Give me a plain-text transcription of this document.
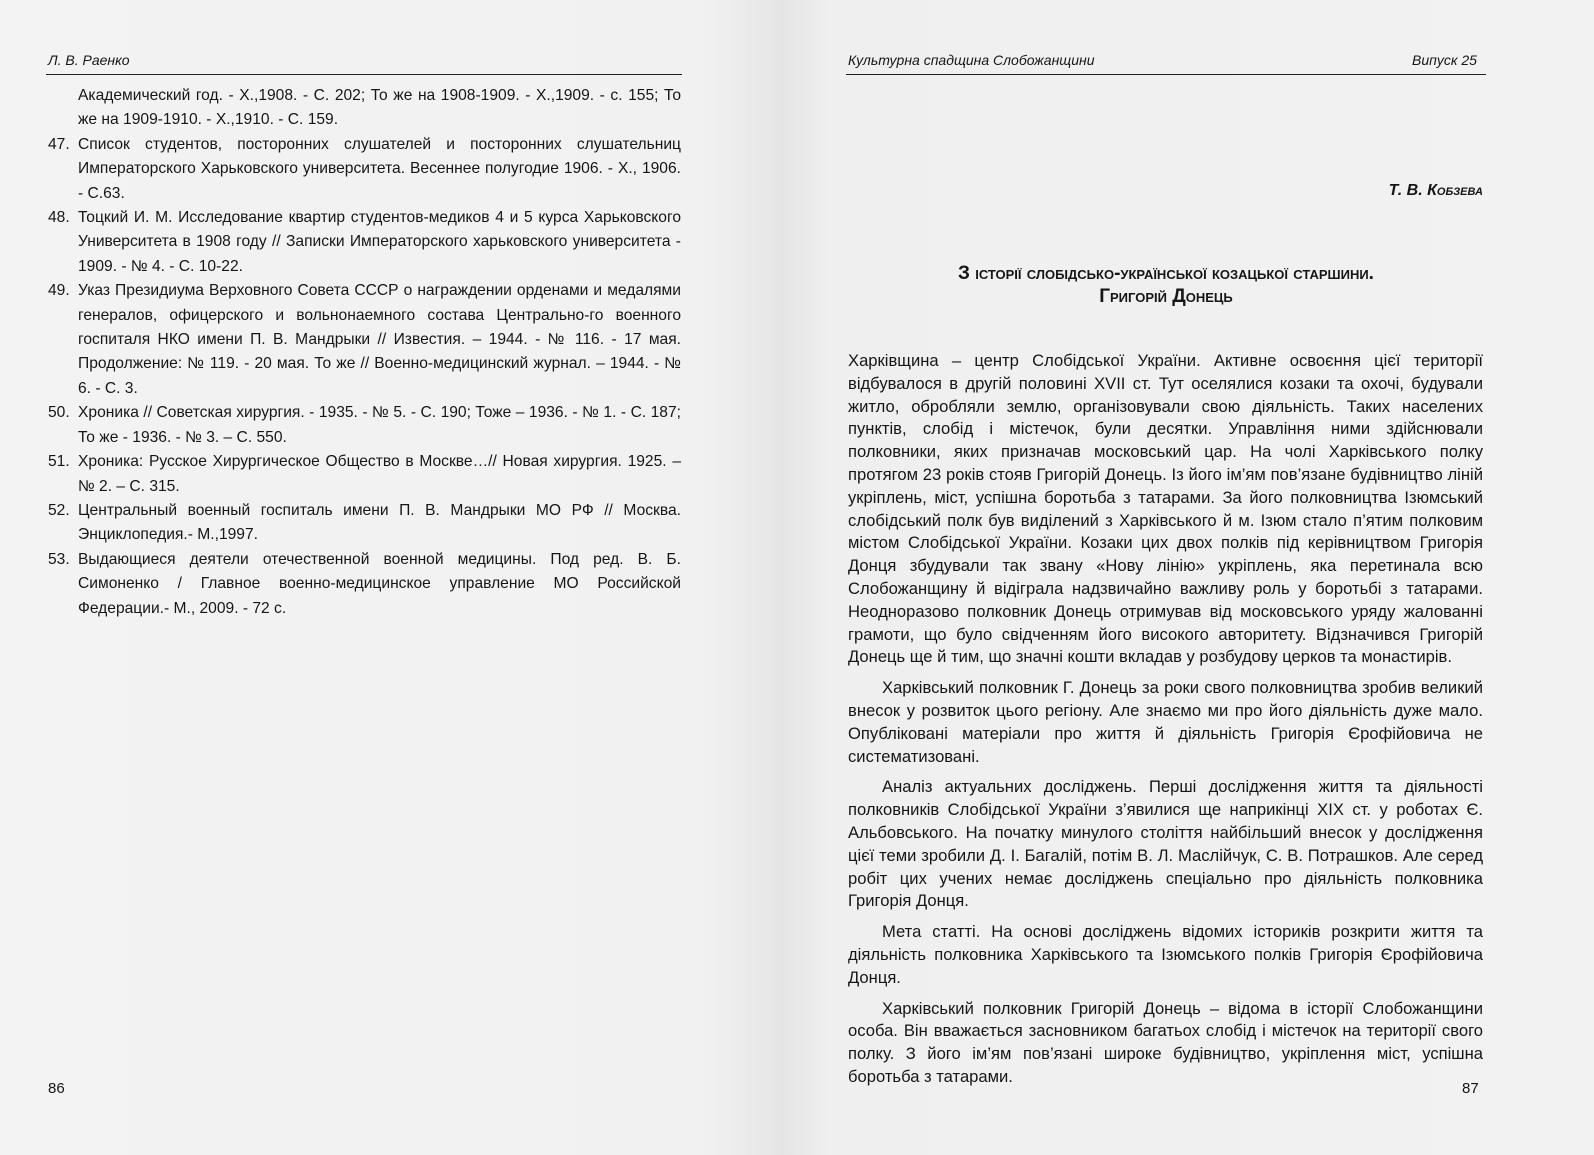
Л. В. Раенко
Академический год. - Х.,1908. - С. 202; То же на 1908-1909. - Х.,1909. - с. 155; То же на 1909-1910. - Х.,1910. - С. 159.
47. Список студентов, посторонних слушателей и посторонних слушательниц Императорского Харьковского университета. Весеннее полугодие 1906. - Х., 1906. - С.63.
48. Тоцкий И. М. Исследование квартир студентов-медиков 4 и 5 курса Харьковского Университета в 1908 году // Записки Императорского харьковского университета - 1909. - № 4. - С. 10-22.
49. Указ Президиума Верховного Совета СССР о награждении орденами и медалями генералов, офицерского и вольнонаемного состава Центрально-го военного госпиталя НКО имени П. В. Мандрыки // Известия. – 1944. - № 116. - 17 мая. Продолжение: № 119. - 20 мая. То же // Военно-медицинский журнал. – 1944. - № 6. - С. 3.
50. Хроника // Советская хирургия. - 1935. - № 5. - С. 190; Тоже – 1936. - № 1. - С. 187; То же - 1936. - № 3. – С. 550.
51. Хроника: Русское Хирургическое Общество в Москве…// Новая хирургия. 1925. – № 2. – С. 315.
52. Центральный военный госпиталь имени П. В. Мандрыки МО РФ // Москва. Энциклопедия.- М.,1997.
53. Выдающиеся деятели отечественной военной медицины. Под ред. В. Б. Симоненко / Главное военно-медицинское управление МО Российской Федерации.- М., 2009. - 72 с.
86
Культурна спадщина Слобожанщини	Випуск 25
Т. В. Кобзева
З історії слобідсько-української козацької старшини.
Григорій Донець

Харківщина – центр Слобідської України. Активне освоєння цієї території відбувалося в другій половині XVII ст. Тут оселялися козаки та охочі, будували житло, обробляли землю, організовували свою діяльність. Таких населених пунктів, слобід і містечок, були десятки. Управління ними здійснювали полковники, яких призначав московський цар. На чолі Харківського полку протягом 23 років стояв Григорій Донець. Із його ім’ям пов’язане будівництво ліній укріплень, міст, успішна боротьба з татарами. За його полковництва Ізюмський слобідський полк був виділений з Харківського й м. Ізюм стало п’ятим полковим містом Слобідської України. Козаки цих двох полків під керівництвом Григорія Донця збудували так звану «Нову лінію» укріплень, яка перетинала всю Слобожанщину й відіграла надзвичайно важливу роль у боротьбі з татарами. Неодноразово полковник Донець отримував від московського уряду жалованні грамоти, що було свідченням його високого авторитету. Відзначився Григорій Донець ще й тим, що значні кошти вкладав у розбудову церков та монастирів.

Харківський полковник Г. Донець за роки свого полковництва зробив великий внесок у розвиток цього регіону. Але знаємо ми про його діяльність дуже мало. Опубліковані матеріали про життя й діяльність Григорія Єрофійовича не систематизовані.

Аналіз актуальних досліджень. Перші дослідження життя та діяльності полковників Слобідської України з’явилися ще наприкінці XIX ст. у роботах Є. Альбовського. На початку минулого століття найбільший внесок у дослідження цієї теми зробили Д. І. Багалій, потім В. Л. Маслійчук, С. В. Потрашков. Але серед робіт цих учених немає досліджень спеціально про діяльність полковника Григорія Донця.

Мета статті. На основі досліджень відомих істориків розкрити життя та діяльність полковника Харківського та Ізюмського полків Григорія Єрофійовича Донця.

Харківський полковник Григорій Донець – відома в історії Слобожанщини особа. Він вважається засновником багатьох слобід і містечок на території свого полку. З його ім’ям пов’язані широке будівництво, укріплення міст, успішна боротьба з татарами.

87
